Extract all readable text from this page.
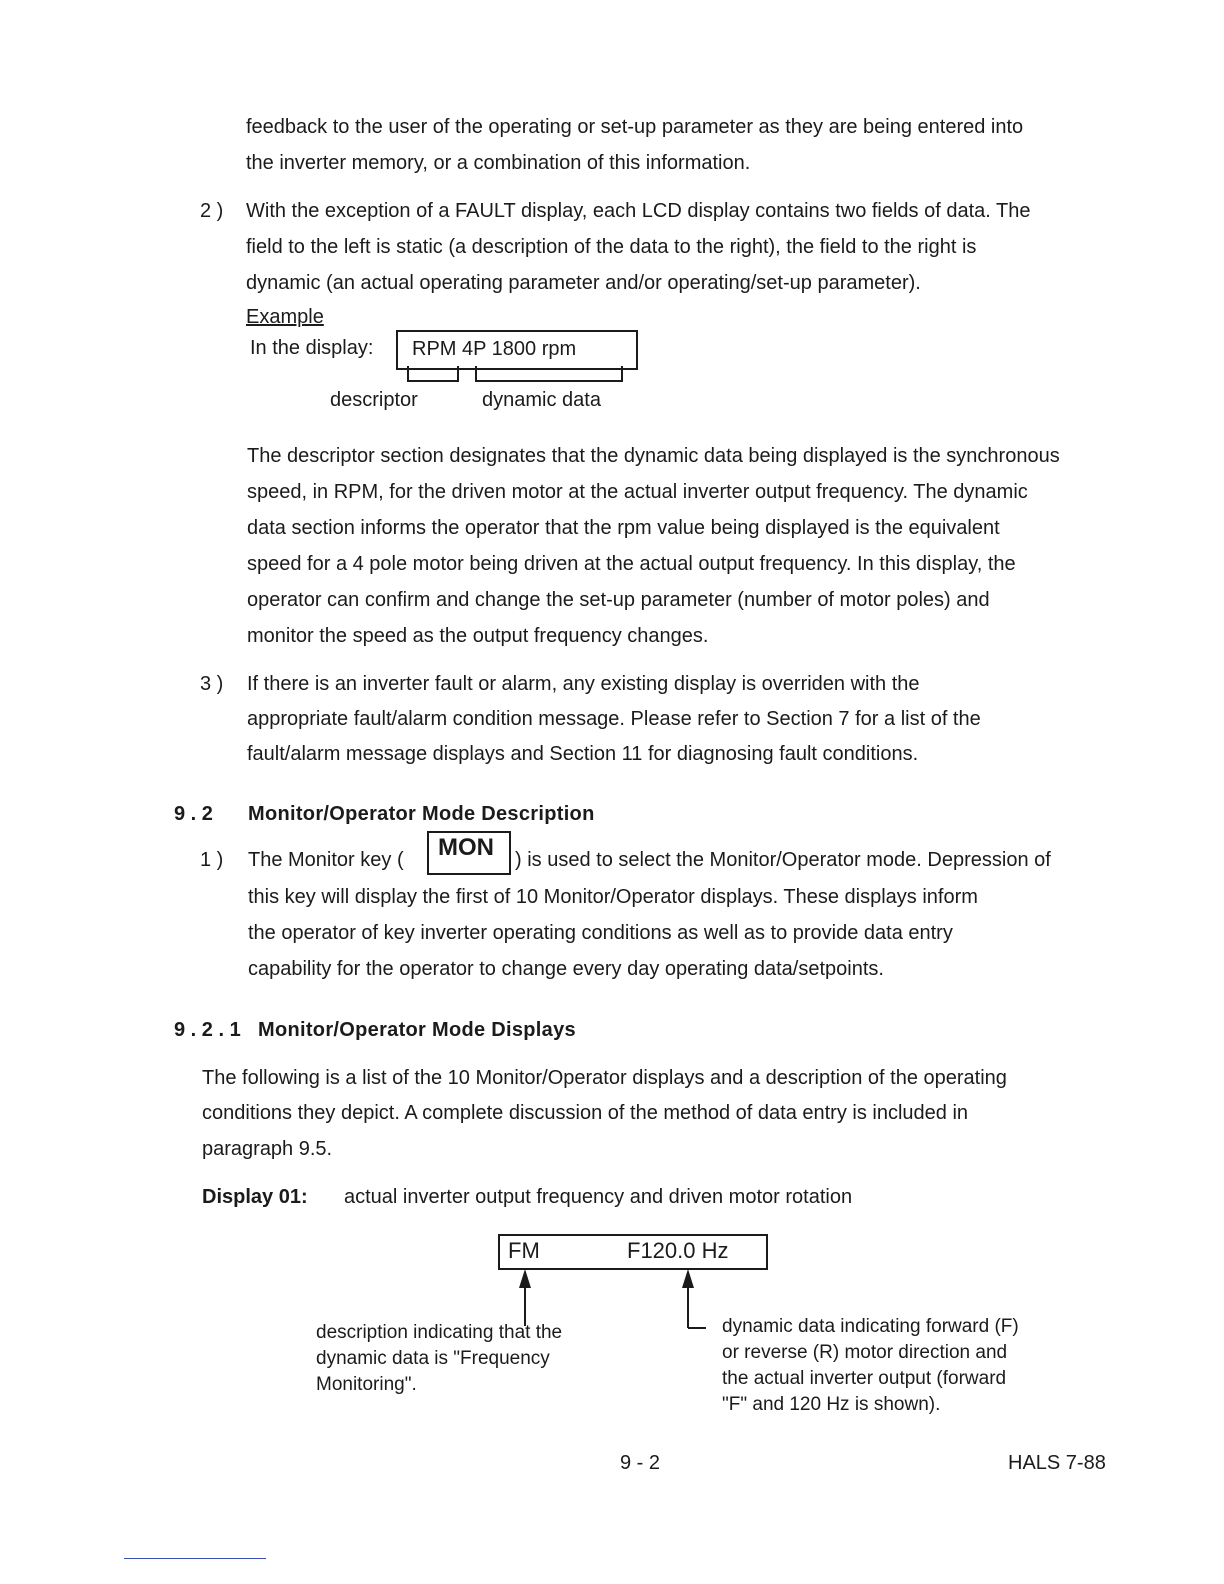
feedback to the user of the operating or set-up parameter as they are being entered into
the inverter memory, or a combination of this information.
2 ) With the exception of a FAULT display, each LCD display contains two fields of data. The
field to the left is static (a description of the data to the right), the field to the right is
dynamic (an actual operating parameter and/or operating/set-up parameter).
Example
In the display: RPM 4P 1800 rpm
descriptor	dynamic data
The descriptor section designates that the dynamic data being displayed is the synchronous
speed, in RPM, for the driven motor at the actual inverter output frequency. The dynamic
data section informs the operator that the rpm value being displayed is the equivalent
speed for a 4 pole motor being driven at the actual output frequency. In this display, the
operator can confirm and change the set-up parameter (number of motor poles) and
monitor the speed as the output frequency changes.
3 ) If there is an inverter fault or alarm, any existing display is overriden with the
appropriate fault/alarm condition message. Please refer to Section 7 for a list of the
fault/alarm message displays and Section 11 for diagnosing fault conditions.
9 . 2 Monitor/Operator Mode Description
1 ) The Monitor key ( MON ) is used to select the Monitor/Operator mode. Depression of
this key will display the first of 10 Monitor/Operator displays. These displays inform
the operator of key inverter operating conditions as well as to provide data entry
capability for the operator to change every day operating data/setpoints.
9 . 2 . 1 Monitor/Operator Mode Displays
The following is a list of the 10 Monitor/Operator displays and a description of the operating
conditions they depict. A complete discussion of the method of data entry is included in
paragraph 9.5.
Display 01: actual inverter output frequency and driven motor rotation
FM	F120.0 Hz
description indicating that the
dynamic data is "Frequency
Monitoring".
dynamic data indicating forward (F)
or reverse (R) motor direction and
the actual inverter output (forward
"F" and 120 Hz is shown).
9 - 2	HALS 7-88
